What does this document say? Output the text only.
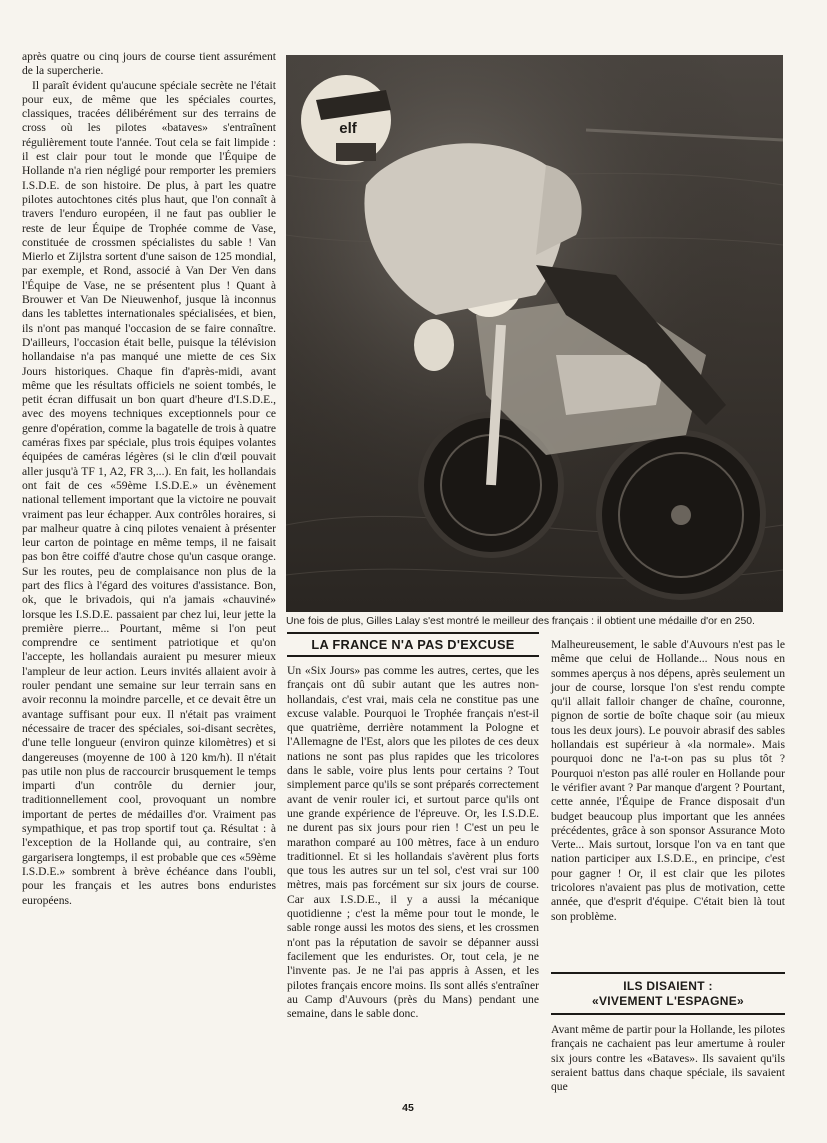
après quatre ou cinq jours de course tient assurément de la supercherie.

Il paraît évident qu'aucune spéciale secrète ne l'était pour eux, de même que les spéciales courtes, classiques, tracées délibérément sur des terrains de cross où les pilotes «bataves» s'entraînent régulièrement toute l'année. Tout cela se fait limpide : il est clair pour tout le monde que l'Équipe de Hollande n'a rien négligé pour remporter les premiers I.S.D.E. de son histoire. De plus, à part les quatre pilotes autochtones cités plus haut, que l'on connaît à travers l'enduro européen, il ne faut pas oublier le reste de leur Équipe de Trophée comme de Vase, constituée de crossmen spécialistes du sable ! Van Mierlo et Zijlstra sortent d'une saison de 125 mondial, par exemple, et Rond, associé à Van Der Ven dans l'Équipe de Vase, ne se présentent plus ! Quant à Brouwer et Van De Nieuwenhof, jusque là inconnus dans les tablettes internationales spécialisées, et bien, ils n'ont pas manqué l'occasion de se faire connaître. D'ailleurs, l'occasion était belle, puisque la télévision hollandaise n'a pas manqué une miette de ces Six Jours historiques. Chaque fin d'après-midi, avant même que les résultats officiels ne soient tombés, le petit écran diffusait un bon quart d'heure d'I.S.D.E., avec des moyens techniques exceptionnels pour ce genre d'opération, comme la bagatelle de trois à quatre caméras fixes par spéciale, plus trois équipes volantes équipées de caméras légères (si le clin d'œil pouvait aller jusqu'à TF 1, A2, FR 3,...). En fait, les hollandais ont fait de ces «59ème I.S.D.E.» un évènement national tellement important que la victoire ne pouvait vraiment pas leur échapper. Aux contrôles horaires, si par malheur quatre à cinq pilotes venaient à présenter leur carton de pointage en même temps, il ne faisait pas bon être coiffé d'autre chose qu'un casque orange. Sur les routes, peu de complaisance non plus de la part des flics à l'égard des voitures d'assistance. Bon, ok, que le brivadois, qui n'a jamais «chauviné» lorsque les I.S.D.E. passaient par chez lui, leur jette la première pierre... Pourtant, même si l'on peut comprendre ce sentiment patriotique et qu'on l'accepte, les hollandais auraient pu mesurer mieux l'ampleur de leur action. Leurs invités allaient avoir à rouler pendant une semaine sur leur terrain sans en avoir reconnu la moindre parcelle, et ce devait être un avantage suffisant pour eux. Il n'était pas vraiment nécessaire de tracer des spéciales, soi-disant secrètes, d'une telle longueur (environ quinze kilomètres) et si dangereuses (moyenne de 100 à 120 km/h). Il n'était pas utile non plus de raccourcir brusquement le temps imparti d'un contrôle du dernier jour, traditionnellement cool, provoquant un nombre important de pertes de médailles d'or. Vraiment pas sympathique, et pas trop sportif tout ça. Résultat : à l'exception de la Hollande qui, au contraire, s'en gargarisera longtemps, il est probable que ces «59ème I.S.D.E.» sombrent à brève échéance dans l'oubli, pour les français et les autres bons enduristes européens.

elf
Une fois de plus, Gilles Lalay s'est montré le meilleur des français : il obtient une médaille d'or en 250.
LA FRANCE N'A PAS D'EXCUSE

Un «Six Jours» pas comme les autres, certes, que les français ont dû subir autant que les autres non-hollandais, c'est vrai, mais cela ne constitue pas une excuse valable. Pourquoi le Trophée français n'est-il que quatrième, derrière notamment la Pologne et l'Allemagne de l'Est, alors que les pilotes de ces deux nations ne sont pas plus rapides que les tricolores dans le sable, voire plus lents pour certains ? Tout simplement parce qu'ils se sont préparés correctement avant de venir rouler ici, et surtout parce qu'ils ont une grande expérience de l'épreuve. Or, les I.S.D.E. ne durent pas six jours pour rien ! C'est un peu le marathon comparé au 100 mètres, face à un enduro traditionnel. Et si les hollandais s'avèrent plus forts que tous les autres sur un tel sol, c'est vrai sur 100 mètres, mais pas forcément sur six jours de course. Car aux I.S.D.E., il y a aussi la mécanique quotidienne ; c'est la même pour tout le monde, le sable ronge aussi les motos des siens, et les crossmen n'ont pas la réputation de savoir se dépanner aussi facilement que les enduristes. Or, tout cela, je ne l'invente pas. Je ne l'ai pas appris à Assen, et les pilotes français encore moins. Ils sont allés s'entraîner au Camp d'Auvours (près du Mans) pendant une semaine, dans le sable donc.

Malheureusement, le sable d'Auvours n'est pas le même que celui de Hollande... Nous nous en sommes aperçus à nos dépens, après seulement un jour de course, lorsque l'on s'est rendu compte qu'il allait falloir changer de chaîne, couronne, pignon de sortie de boîte chaque soir (au mieux tous les deux jours). Le pouvoir abrasif des sables hollandais est supérieur à «la normale». Mais pourquoi donc ne l'a-t-on pas su plus tôt ? Pourquoi n'eston pas allé rouler en Hollande pour le vérifier avant ? Par manque d'argent ? Pourtant, cette année, l'Équipe de France disposait d'un budget beaucoup plus important que les années précédentes, grâce à son sponsor Assurance Moto Verte... Mais surtout, lorsque l'on va en tant que nation participer aux I.S.D.E., en principe, c'est pour gagner ! Or, il est clair que les pilotes tricolores n'avaient pas plus de motivation, cette année, que d'esprit d'équipe. C'était bien là tout son problème.

ILS DISAIENT :
«VIVEMENT L'ESPAGNE»

Avant même de partir pour la Hollande, les pilotes français ne cachaient pas leur amertume à rouler six jours contre les «Bataves». Ils savaient qu'ils seraient battus dans chaque spéciale, ils savaient que

45
